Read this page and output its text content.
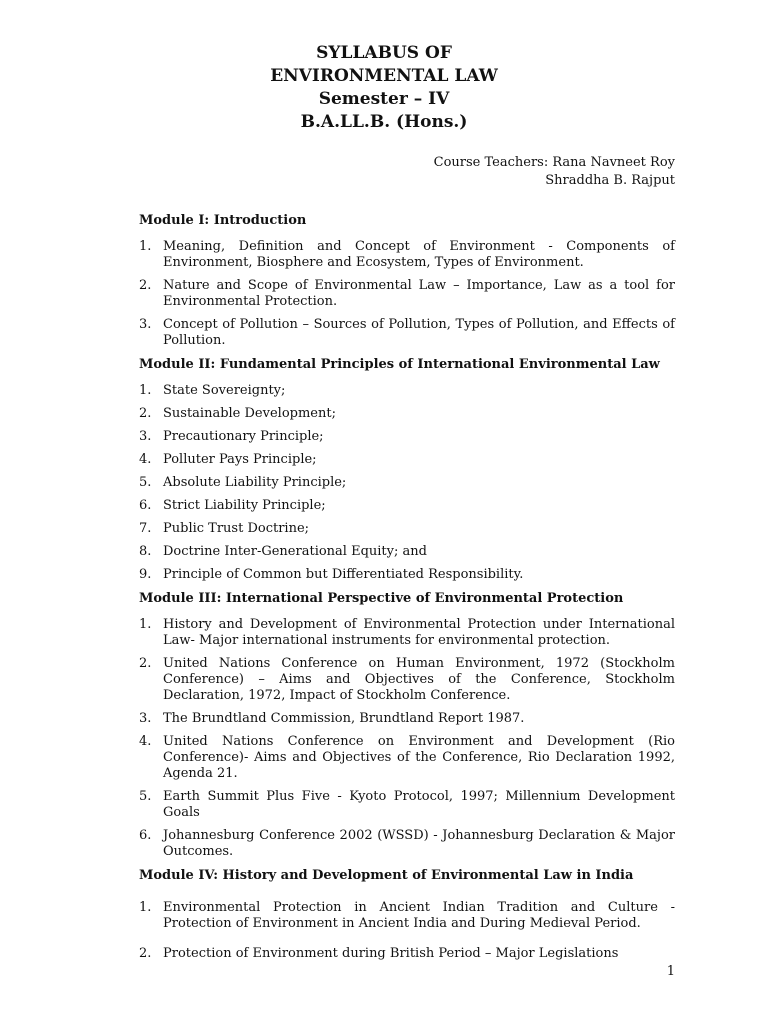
SYLLABUS OF

ENVIRONMENTAL LAW

Semester – IV

B.A.LL.B. (Hons.)

Course Teachers: Rana Navneet Roy
Shraddha B. Rajput

Module I: Introduction

1. Meaning, Definition and Concept of Environment - Components of Environment, Biosphere and Ecosystem, Types of Environment.
2. Nature and Scope of Environmental Law – Importance, Law as a tool for Environmental Protection.
3. Concept of Pollution – Sources of Pollution, Types of Pollution, and Effects of Pollution.

Module II: Fundamental Principles of International Environmental Law

1. State Sovereignty;
2. Sustainable Development;
3. Precautionary Principle;
4. Polluter Pays Principle;
5. Absolute Liability Principle;
6. Strict Liability Principle;
7. Public Trust Doctrine;
8. Doctrine Inter-Generational Equity; and
9. Principle of Common but Differentiated Responsibility.

Module III: International Perspective of Environmental Protection

1. History and Development of Environmental Protection under International Law- Major international instruments for environmental protection.
2. United Nations Conference on Human Environment, 1972 (Stockholm Conference) – Aims and Objectives of the Conference, Stockholm Declaration, 1972, Impact of Stockholm Conference.
3. The Brundtland Commission, Brundtland Report 1987.
4. United Nations Conference on Environment and Development (Rio Conference)- Aims and Objectives of the Conference, Rio Declaration 1992, Agenda 21.
5. Earth Summit Plus Five - Kyoto Protocol, 1997; Millennium Development Goals
6. Johannesburg Conference 2002 (WSSD) - Johannesburg Declaration & Major Outcomes.

Module IV: History and Development of Environmental Law in India

1. Environmental Protection in Ancient Indian Tradition and Culture - Protection of Environment in Ancient India and During Medieval Period.
2. Protection of Environment during British Period – Major Legislations
1
